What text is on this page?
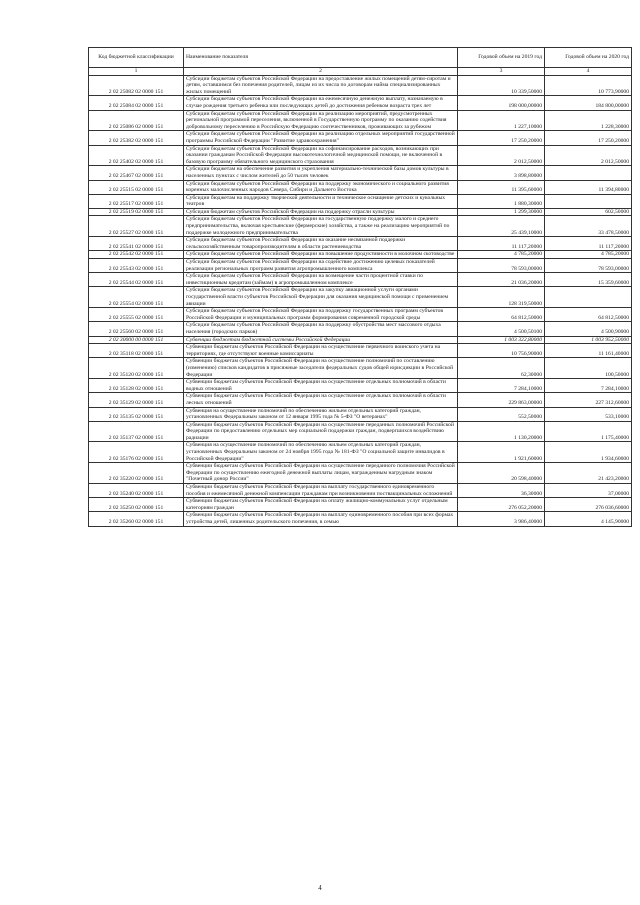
Код бюджетной классификации	Наименование показателя	Годовой объем на 2019 год	Годовой объем на 2020 год
1	2	3	4
2 02 25082 02 0000 151	Субсидии бюджетам субъектов Российской Федерации на предоставление жилых помещений детям-сиротам и детям, оставшимся без попечения родителей, лицам из их числа по договорам найма специализированных жилых помещений	10 339,50000	10 773,90000
2 02 25084 02 0000 151	Субсидии бюджетам субъектов Российской Федерации на ежемесячную денежную выплату, назначаемую в случае рождения третьего ребенка или последующих детей до достижения ребенком возраста трех лет	198 000,00000	184 800,00000
2 02 25086 02 0000 151	Субсидии бюджетам субъектов Российской Федерации на реализацию мероприятий, предусмотренных региональной программой переселения, включенной в Государственную программу по оказанию содействия добровольному переселению в Российскую Федерацию соотечественников, проживающих за рубежом	1 227,10000	1 228,30000
2 02 25382 02 0000 151	Субсидии бюджетам субъектов Российской Федерации на реализацию отдельных мероприятий государственной программы Российской Федерации "Развитие здравоохранения"	17 250,20000	17 250,20000
2 02 25402 02 0000 151	Субсидии бюджетам субъектов Российской Федерации на софинансирование расходов, возникающих при оказании гражданам Российской Федерации высокотехнологичной медицинской помощи, не включенной в базовую программу обязательного медицинского страхования	2 012,50000	2 012,50000
2 02 25467 02 0000 151	Субсидии бюджетам на обеспечение развития и укрепления материально-технической базы домов культуры в населенных пунктах с числом жителей до 50 тысяч человек	3 898,80000	
2 02 25515 02 0000 151	Субсидии бюджетам субъектов Российской Федерации на поддержку экономического и социального развития коренных малочисленных народов Севера, Сибири и Дальнего Востока	11 395,60000	11 394,80000
2 02 25517 02 0000 151	Субсидии бюджетам на поддержку творческой деятельности и техническое оснащение детских и кукольных театров	1 880,30000	
2 02 25519 02 0000 151	Субсидия бюджетам субъектов Российской Федерации на поддержку отрасли культуры	1 299,30000	602,50000
2 02 25527 02 0000 151	Субсидии бюджетам субъектов Российской Федерации на государственную поддержку малого и среднего предпринимательства, включая крестьянские (фермерские) хозяйства, а также на реализацию мероприятий по поддержке молодежного предпринимательства	25 439,10000	33 478,50000
2 02 25541 02 0000 151	Субсидии бюджетам субъектов Российской Федерации на оказание несвязанной поддержки сельскохозяйственным товаропроизводителям в области растениеводства	11 117,20000	11 117,20000
2 02 25542 02 0000 151	Субсидии бюджетам субъектов Российской Федерации на повышение продуктивности в молочном скотоводстве	4 785,20000	4 785,20000
2 02 25543 02 0000 151	Субсидии бюджетам субъектов Российской Федерации на содействие достижению целевых показателей реализации региональных программ развития агропромышленного комплекса	78 593,00000	78 593,00000
2 02 25544 02 0000 151	Субсидии бюджетам субъектов Российской Федерации на возмещение части процентной ставки по инвестиционным кредитам (займам) в агропромышленном комплексе	21 036,20000	15 359,60000
2 02 25554 02 0000 151	Субсидии бюджетам субъектов Российской Федерации на закупку авиационной услуги органами государственной власти субъектов Российской Федерации для оказания медицинской помощи с применением авиации	128 319,50000	
2 02 25555 02 0000 151	Субсидии бюджетам субъектов Российской Федерации на поддержку государственных программ субъектов Российской Федерации и муниципальных программ формирования современной городской среды	64 812,50000	64 812,50000
2 02 25560 02 0000 151	Субсидии бюджетам субъектов Российской Федерации на поддержку обустройства мест массового отдыха населения (городских парков)	4 500,50100	4 500,90000
2 02 30000 00 0000 151	Субвенции бюджетам бюджетной системы Российской Федерации	1 003 322,80000	1 003 952,50000
2 02 35118 02 0000 151	Субвенции бюджетам субъектов Российской Федерации на осуществление первичного воинского учета на территориях, где отсутствуют военные комиссариаты	10 756,90000	11 161,40000
2 02 35120 02 0000 151	Субвенции бюджетам субъектов Российской Федерации на осуществление полномочий по составлению (изменению) списков кандидатов в присяжные заседатели федеральных судов общей юрисдикции в Российской Федерации	62,30000	100,50000
2 02 35128 02 0000 151	Субвенции бюджетам субъектов Российской Федерации на осуществление отдельных полномочий в области водных отношений	7 284,10000	7 284,10000
2 02 35129 02 0000 151	Субвенции бюджетам субъектов Российской Федерации на осуществление отдельных полномочий в области лесных отношений	229 863,00000	227 312,60000
2 02 35135 02 0000 151	Субвенция на осуществление полномочий по обеспечению жильем отдельных категорий граждан, установленных Федеральным законом от 12 января 1995 года № 5-ФЗ "О ветеранах"	552,50000	533,10000
2 02 35137 02 0000 151	Субвенции бюджетам субъектов Российской Федерации на осуществление переданных полномочий Российской Федерации по предоставлению отдельных мер социальной поддержки граждан, подвергшихся воздействию радиации	1 130,20000	1 175,40000
2 02 35176 02 0000 151	Субвенция на осуществление полномочий по обеспечению жильем отдельных категорий граждан, установленных Федеральным законом от 24 ноября 1995 года № 181-ФЗ "О социальной защите инвалидов в Российской Федерации"	1 921,60000	1 934,60000
2 02 35220 02 0000 151	Субвенции бюджетам субъектов Российской Федерации на осуществление переданного полномочия Российской Федерации по осуществлению ежегодной денежной выплаты лицам, награжденным нагрудным знаком "Почетный донор России"	20 598,40000	21 423,20000
2 02 35240 02 0000 151	Субвенции бюджетам субъектов Российской Федерации на выплату государственного единовременного пособия и ежемесячной денежной компенсации гражданам при возникновении поствакцинальных осложнений	36,30000	37,00000
2 02 35250 02 0000 151	Субвенции бюджетам субъектов Российской Федерации на оплату жилищно-коммунальных услуг отдельным категориям граждан	276 052,20000	276 036,60000
2 02 35260 02 0000 151	Субвенции бюджетам субъектов Российской Федерации на выплату единовременного пособия при всех формах устройства детей, лишенных родительского попечения, в семью	3 986,40000	4 145,90000
4
